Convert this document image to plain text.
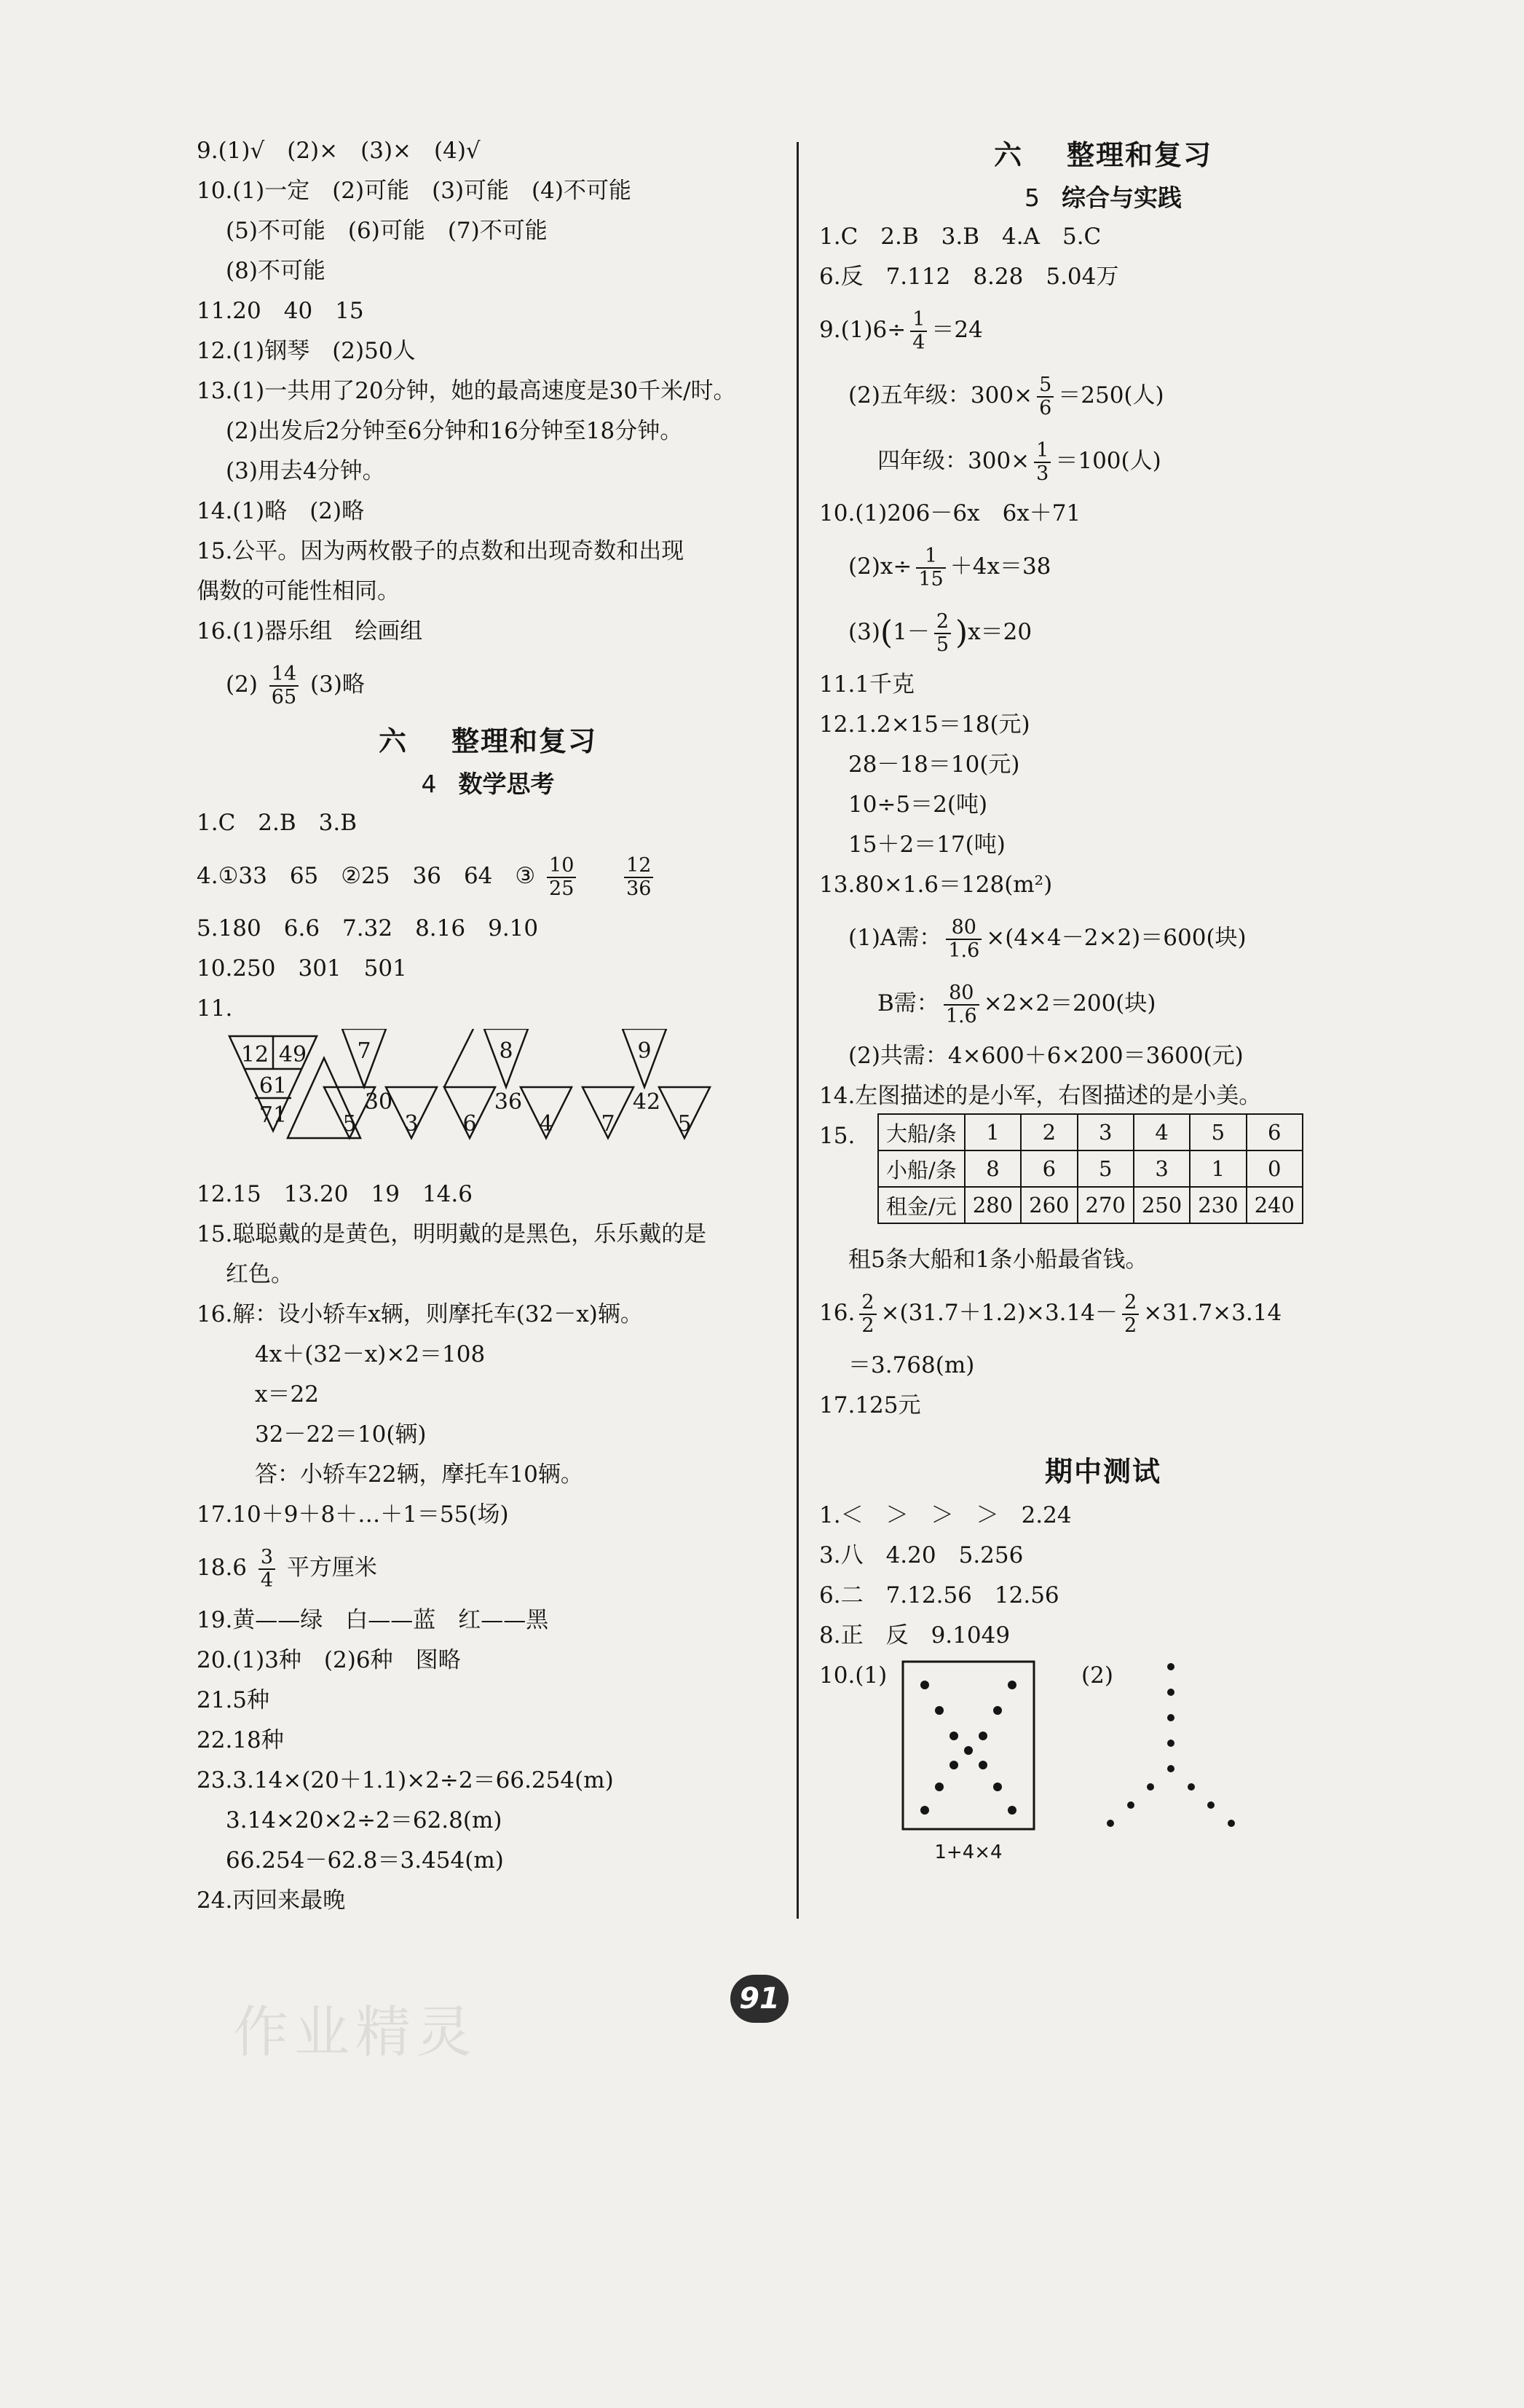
9.(1)√　(2)×　(3)×　(4)√
10.(1)一定　(2)可能　(3)可能　(4)不可能
(5)不可能　(6)可能　(7)不可能
(8)不可能
11.20　40　15
12.(1)钢琴　(2)50人
13.(1)一共用了20分钟，她的最高速度是30千米/时。
(2)出发后2分钟至6分钟和16分钟至18分钟。
(3)用去4分钟。
14.(1)略　(2)略
15.公平。因为两枚骰子的点数和出现奇数和出现
偶数的可能性相同。
16.(1)器乐组　绘画组
$(2) \frac{14}{65} (3)$略
六 整理和复习
4 数学思考
1.C　2.B　3.B
4.①33　65　②25　36　64　③ $\frac{10}{25}$
$\frac{12}{36}$
5.180　6.6　7.32　8.16　9.10
10.250　301　501
11.
12 49
61
71
7
30
5 3
8
36
6	4
9
42
7	5
12.15　13.20　19　14.6
15.聪聪戴的是黄色，明明戴的是黑色，乐乐戴的是
红色。
16.解：设小轿车x辆，则摩托车(32－x)辆。
4x＋(32－x)×2＝108
x＝22
32－22＝10(辆)
答：小轿车22辆，摩托车10辆。
17.10＋9＋8＋…＋1＝55(场)
$18.6 \frac{3}{4}$ 平方厘米
19.黄——绿　白——蓝　红——黑
20.(1)3种　(2)6种　图略
21.5种
22.18种
23.3.14×(20＋1.1)×2÷2＝66.254(m)
3.14×20×2÷2＝62.8(m)
66.254－62.8＝3.454(m)
24.丙回来最晚
六 整理和复习
5 综合与实践
1.C　2.B　3.B　4.A　5.C
6.反　7.112　8.28　5.04万
$9.(1)6\div \frac{1}{4} =24$
(2)五年级：$300\times \frac{5}{6} =250$(人)
四年级：$300\times \frac{1}{3} =100$(人)
10.(1)206－6x　6x＋71
$(2)x\div \frac{1}{15} +4x=38$
$(3)(1- \frac{2}{5} )x=20$
11.1千克
12.1.2×15＝18(元)
28－18＝10(元)
10÷5＝2(吨)
15＋2＝17(吨)
13.80×1.6＝128(m²)
(1)A需： $\frac{80}{1.6} \times(4\times 4-2\times 2)=600$(块)
B需： $\frac{80}{1.6} \times 2\times 2=200$(块)
(2)共需：4×600＋6×200＝3600(元)
14.左图描述的是小军，右图描述的是小美。
15.	大船/条	1	2	3	4	5	6
小船/条	8	6	5	3	1	0
租金/元	280	260	270	250	230	240
租5条大船和1条小船最省钱。
16. $\frac{2}{2} \times(31.7+1.2)\times 3.14- \frac{2}{2} \times 31.7\times 3.14$
＝3.768(m)
17.125元
期中测试
1.＜　＞　＞　＞　2.24
3.八　4.20　5.256
6.二　7.12.56　12.56
8.正　反　9.1049
10.(1)	(2)
1+4×4
91
作业精灵
